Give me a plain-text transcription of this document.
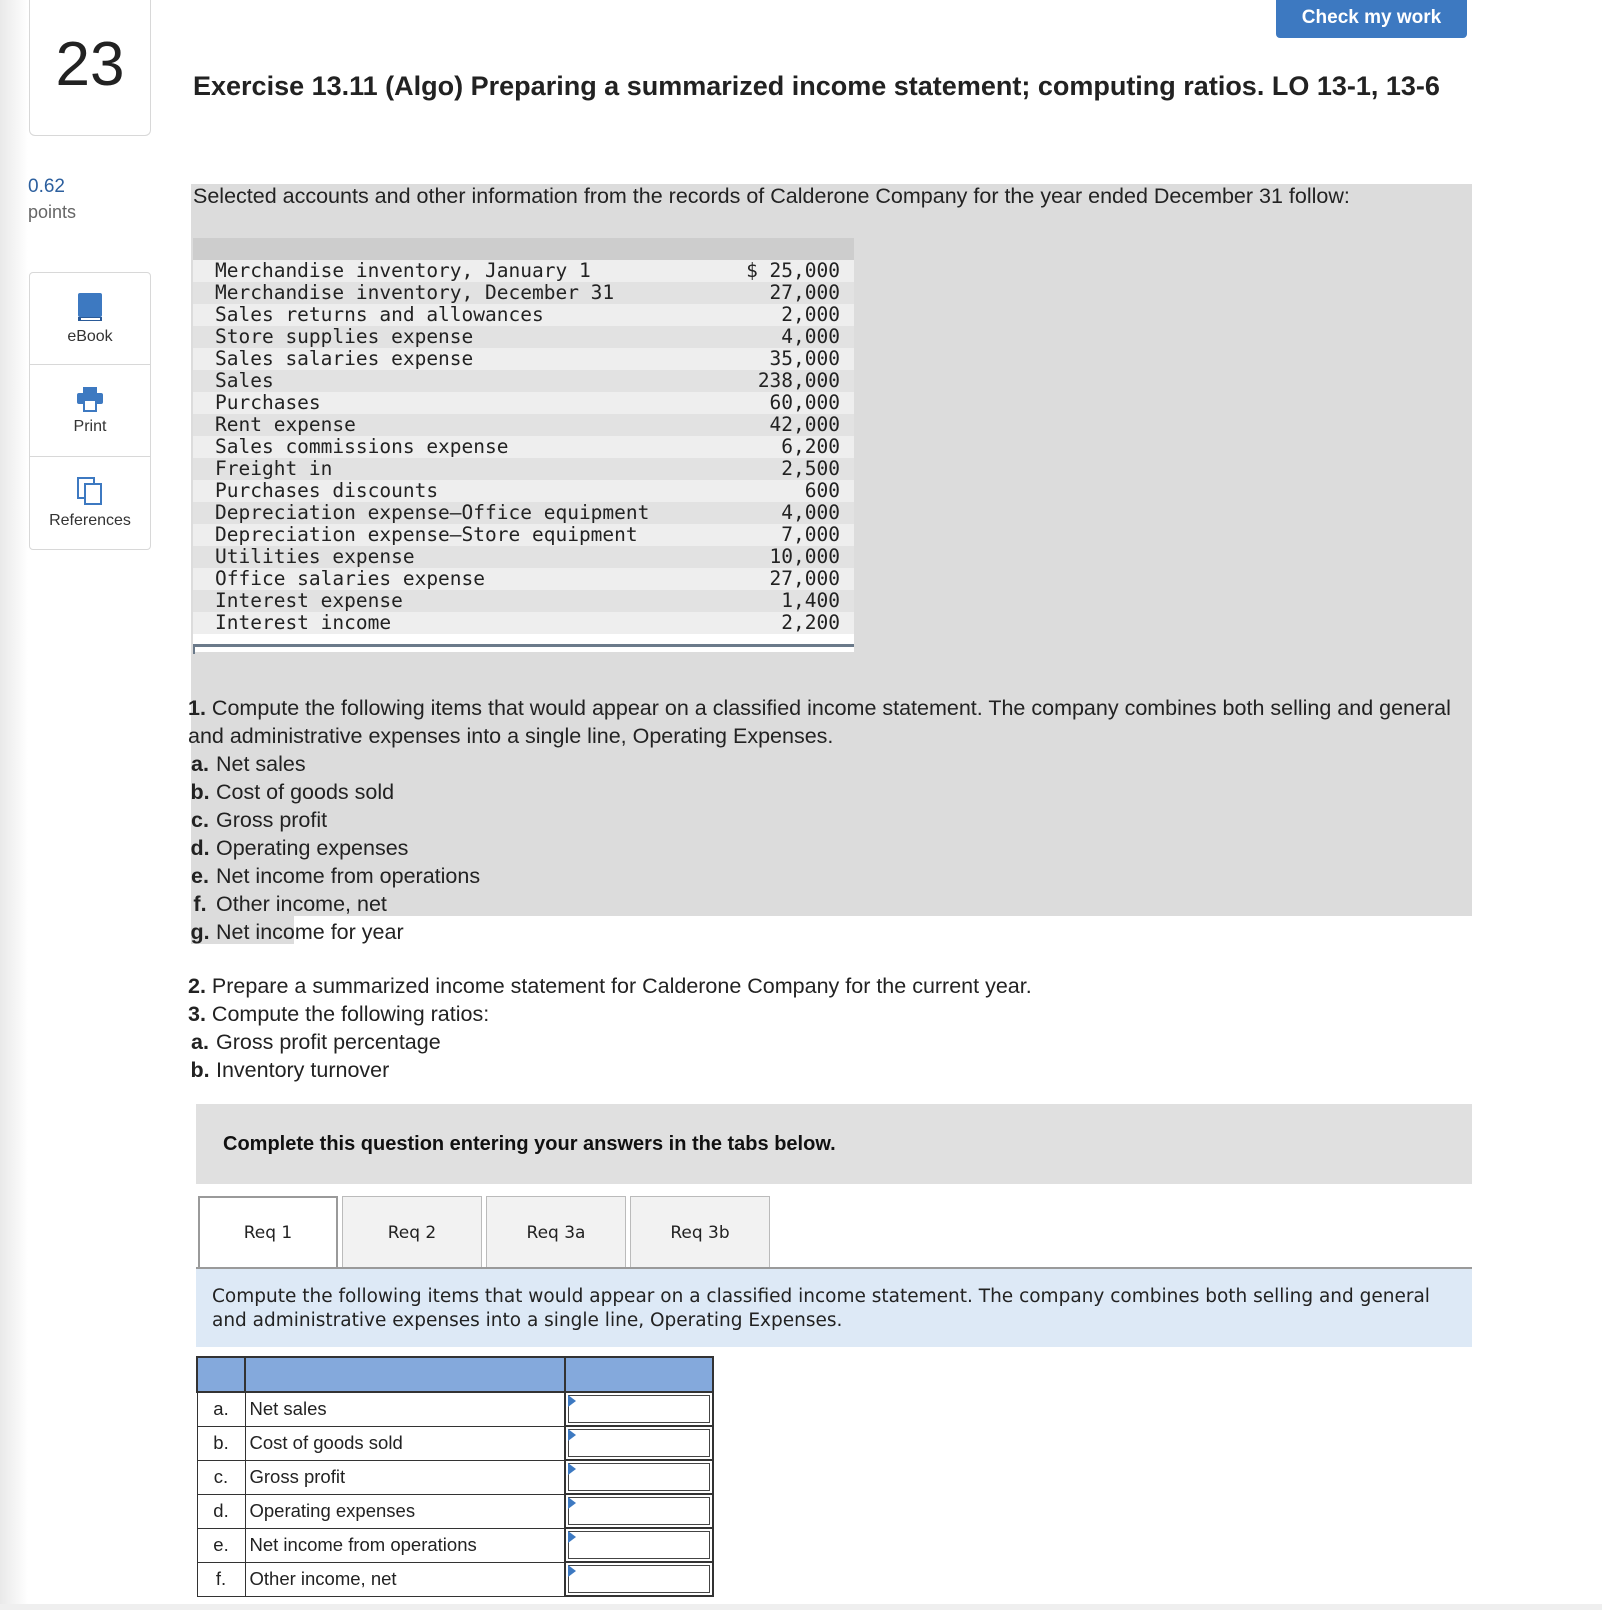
23
0.62
points
eBook
Print
References
Check my work
Exercise 13.11 (Algo) Preparing a summarized income statement; computing ratios. LO 13-1, 13-6
Selected accounts and other information from the records of Calderone Company for the year ended December 31 follow:
Merchandise inventory, January 1	$ 25,000
Merchandise inventory, December 31	27,000
Sales returns and allowances	2,000
Store supplies expense	4,000
Sales salaries expense	35,000
Sales	238,000
Purchases	60,000
Rent expense	42,000
Sales commissions expense	6,200
Freight in	2,500
Purchases discounts	600
Depreciation expense—Office equipment	4,000
Depreciation expense—Store equipment	7,000
Utilities expense	10,000
Office salaries expense	27,000
Interest expense	1,400
Interest income	2,200

1. Compute the following items that would appear on a classified income statement. The company combines both selling and general and administrative expenses into a single line, Operating Expenses.

a. Net sales
b. Cost of goods sold
c. Gross profit
d. Operating expenses
e. Net income from operations
f. Other income, net
g. Net income for year

2. Prepare a summarized income statement for Calderone Company for the current year.

3. Compute the following ratios:

a. Gross profit percentage
b. Inventory turnover
Complete this question entering your answers in the tabs below.
Req 1	Req 2	Req 3a	Req 3b
Compute the following items that would appear on a classified income statement. The company combines both selling and general and administrative expenses into a single line, Operating Expenses.

a.	Net sales	

b.	Cost of goods sold	

c.	Gross profit	

d.	Operating expenses	

e.	Net income from operations	

f.	Other income, net	
